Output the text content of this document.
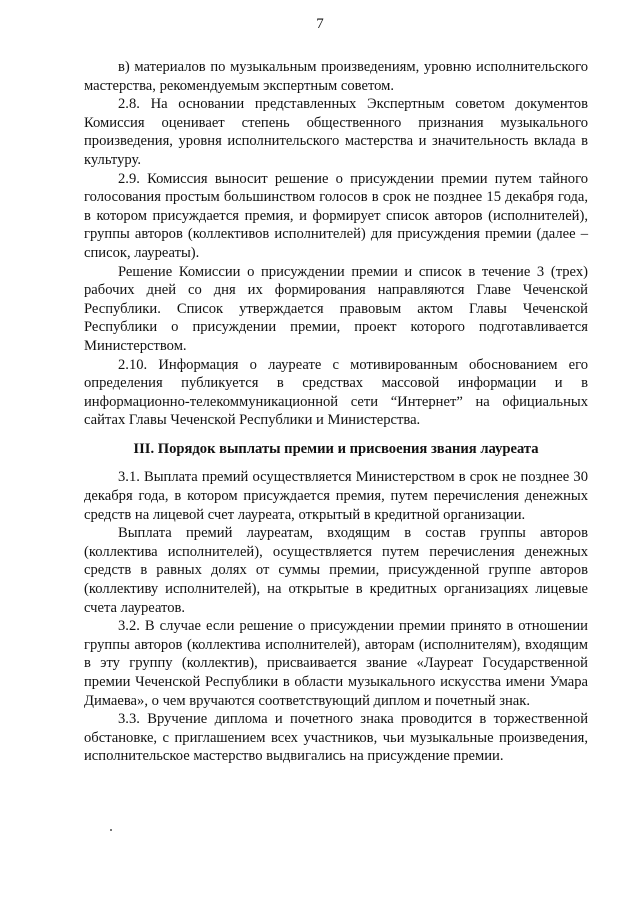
7

в) материалов по музыкальным произведениям, уровню исполнительского мастерства, рекомендуемым экспертным советом.

2.8. На основании представленных Экспертным советом документов Комиссия оценивает степень общественного признания музыкального произведения, уровня исполнительского мастерства и значительность вклада в культуру.

2.9. Комиссия выносит решение о присуждении премии путем тайного голосования простым большинством голосов в срок не позднее 15 декабря года, в котором присуждается премия, и формирует список авторов (исполнителей), группы авторов (коллективов исполнителей) для присуждения премии (далее – список, лауреаты).

Решение Комиссии о присуждении премии и список в течение 3 (трех) рабочих дней со дня их формирования направляются Главе Чеченской Республики. Список утверждается правовым актом Главы Чеченской Республики о присуждении премии, проект которого подготавливается Министерством.

2.10. Информация о лауреате с мотивированным обоснованием его определения публикуется в средствах массовой информации и в информационно-телекоммуникационной сети “Интернет” на официальных сайтах Главы Чеченской Республики и Министерства.

III. Порядок выплаты премии и присвоения звания лауреата

3.1. Выплата премий осуществляется Министерством в срок не позднее 30 декабря года, в котором присуждается премия, путем перечисления денежных средств на лицевой счет лауреата, открытый в кредитной организации.

Выплата премий лауреатам, входящим в состав группы авторов (коллектива исполнителей), осуществляется путем перечисления денежных средств в равных долях от суммы премии, присужденной группе авторов (коллективу исполнителей), на открытые в кредитных организациях лицевые счета лауреатов.

3.2. В случае если решение о присуждении премии принято в отношении группы авторов (коллектива исполнителей), авторам (исполнителям), входящим в эту группу (коллектив), присваивается звание «Лауреат Государственной премии Чеченской Республики в области музыкального искусства имени Умара Димаева», о чем вручаются соответствующий диплом и почетный знак.

3.3. Вручение диплома и почетного знака проводится в торжественной обстановке, с приглашением всех участников, чьи музыкальные произведения, исполнительское мастерство выдвигались на присуждение премии.
